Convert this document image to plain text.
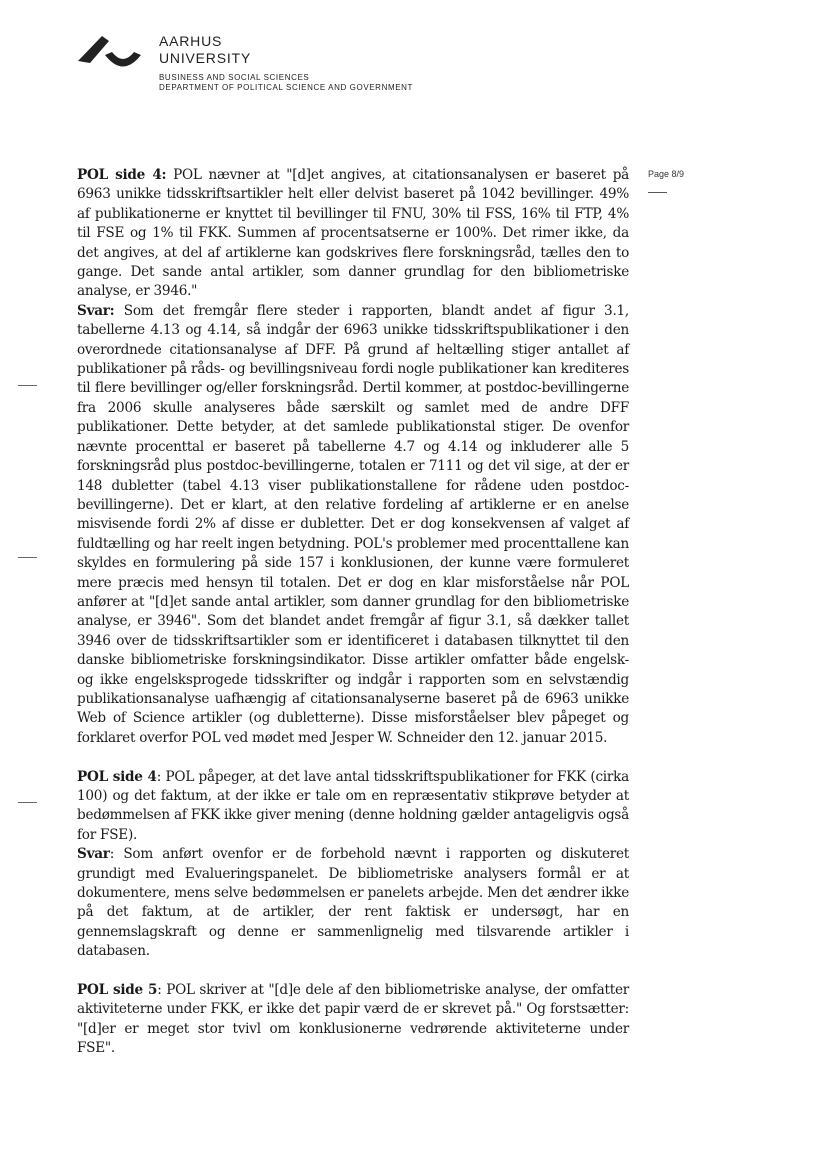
AARHUS
UNIVERSITY
BUSINESS AND SOCIAL SCIENCES
DEPARTMENT OF POLITICAL SCIENCE AND GOVERNMENT
Page 8/9

POL side 4: POL nævner at "[d]et angives, at citationsanalysen er baseret på 6963 unikke tidsskriftsartikler helt eller delvist baseret på 1042 bevillinger. 49% af publikationerne er knyttet til bevillinger til FNU, 30% til FSS, 16% til FTP, 4% til FSE og 1% til FKK. Summen af procentsatserne er 100%. Det rimer ikke, da det angives, at del af artiklerne kan godskrives flere forskningsråd, tælles den to gange. Det sande antal artikler, som danner grundlag for den bibliometriske analyse, er 3946."

Svar: Som det fremgår flere steder i rapporten, blandt andet af figur 3.1, tabellerne 4.13 og 4.14, så indgår der 6963 unikke tidsskriftspublikationer i den overordnede citationsanalyse af DFF. På grund af heltælling stiger antallet af publikationer på råds- og bevillingsniveau fordi nogle publikationer kan krediteres til flere bevillinger og/eller forskningsråd. Dertil kommer, at postdoc-bevillingerne fra 2006 skulle analyseres både særskilt og samlet med de andre DFF publikationer. Dette betyder, at det samlede publikationstal stiger. De ovenfor nævnte procenttal er baseret på tabellerne 4.7 og 4.14 og inkluderer alle 5 forskningsråd plus postdoc-bevillingerne, totalen er 7111 og det vil sige, at der er 148 dubletter (tabel 4.13 viser publikationstallene for rådene uden postdoc-bevillingerne). Det er klart, at den relative fordeling af artiklerne er en anelse misvisende fordi 2% af disse er dubletter. Det er dog konsekvensen af valget af fuldtælling og har reelt ingen betydning. POL's problemer med procenttallene kan skyldes en formulering på side 157 i konklusionen, der kunne være formuleret mere præcis med hensyn til totalen. Det er dog en klar misforståelse når POL anfører at "[d]et sande antal artikler, som danner grundlag for den bibliometriske analyse, er 3946". Som det blandet andet fremgår af figur 3.1, så dækker tallet 3946 over de tidsskriftsartikler som er identificeret i databasen tilknyttet til den danske bibliometriske forskningsindikator. Disse artikler omfatter både engelsk- og ikke engelsksprogede tidsskrifter og indgår i rapporten som en selvstændig publikationsanalyse uafhængig af citationsanalyserne baseret på de 6963 unikke Web of Science artikler (og dubletterne). Disse misforståelser blev påpeget og forklaret overfor POL ved mødet med Jesper W. Schneider den 12. januar 2015.

POL side 4: POL påpeger, at det lave antal tidsskriftspublikationer for FKK (cirka 100) og det faktum, at der ikke er tale om en repræsentativ stikprøve betyder at bedømmelsen af FKK ikke giver mening (denne holdning gælder antageligvis også for FSE).

Svar: Som anført ovenfor er de forbehold nævnt i rapporten og diskuteret grundigt med Evalueringspanelet. De bibliometriske analysers formål er at dokumentere, mens selve bedømmelsen er panelets arbejde. Men det ændrer ikke på det faktum, at de artikler, der rent faktisk er undersøgt, har en gennemslagskraft og denne er sammenlignelig med tilsvarende artikler i databasen.

POL side 5: POL skriver at "[d]e dele af den bibliometriske analyse, der omfatter aktiviteterne under FKK, er ikke det papir værd de er skrevet på." Og forstsætter: "[d]er er meget stor tvivl om konklusionerne vedrørende aktiviteterne under FSE".
